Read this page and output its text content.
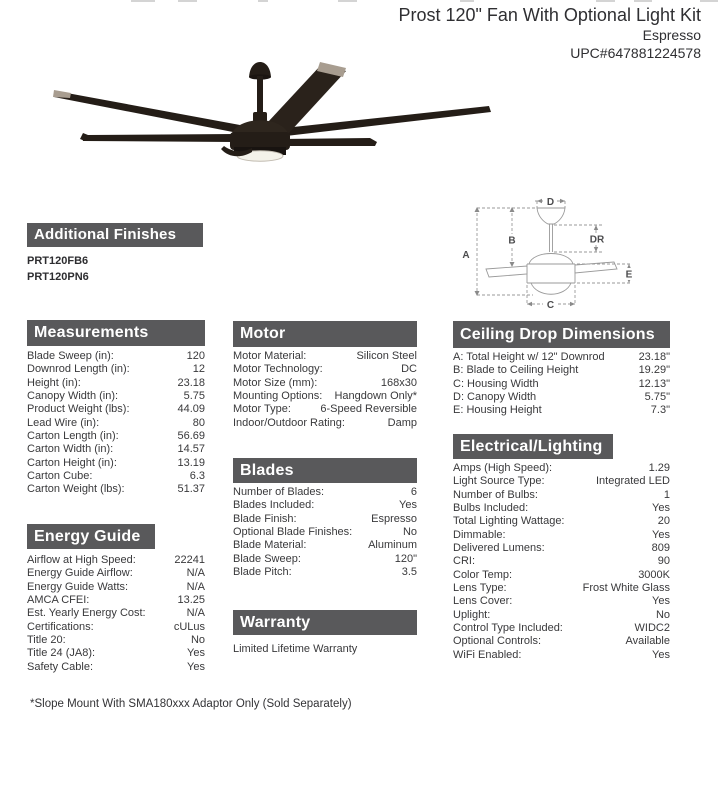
Prost 120" Fan With Optional Light Kit
Espresso
UPC#647881224578
A
B
C
D
E
DR
Additional Finishes
PRT120FB6
PRT120PN6
Measurements
Blade Sweep (in):	120
Downrod Length (in):	12
Height (in):	23.18
Canopy Width (in):	5.75
Product Weight (lbs):	44.09
Lead Wire (in):	80
Carton Length (in):	56.69
Carton Width (in):	14.57
Carton Height (in):	13.19
Carton Cube:	6.3
Carton Weight (lbs):	51.37
Energy Guide
Airflow at High Speed:	22241
Energy Guide Airflow:	N/A
Energy Guide Watts:	N/A
AMCA CFEI:	13.25
Est. Yearly Energy Cost:	N/A
Certifications:	cULus
Title 20:	No
Title 24 (JA8):	Yes
Safety Cable:	Yes
Motor
Motor Material:	Silicon Steel
Motor Technology:	DC
Motor Size (mm):	168x30
Mounting Options: Hangdown Only*
Motor Type:	6-Speed Reversible
Indoor/Outdoor Rating:	Damp
Blades
Number of Blades:	6
Blades Included:	Yes
Blade Finish:	Espresso
Optional Blade Finishes:	No
Blade Material:	Aluminum
Blade Sweep:	120"
Blade Pitch:	3.5
Warranty
Limited Lifetime Warranty
Ceiling Drop Dimensions
A: Total Height w/ 12" Downrod	23.18"
B: Blade to Ceiling Height	19.29"
C: Housing Width	12.13"
D: Canopy Width	5.75"
E: Housing Height	7.3"
Electrical/Lighting
Amps (High Speed):	1.29
Light Source Type:	Integrated LED
Number of Bulbs:	1
Bulbs Included:	Yes
Total Lighting Wattage:	20
Dimmable:	Yes
Delivered Lumens:	809
CRI:	90
Color Temp:	3000K
Lens Type:	Frost White Glass
Lens Cover:	Yes
Uplight:	No
Control Type Included:	WIDC2
Optional Controls:	Available
WiFi Enabled:	Yes
*Slope Mount With SMA180xxx Adaptor Only (Sold Separately)
